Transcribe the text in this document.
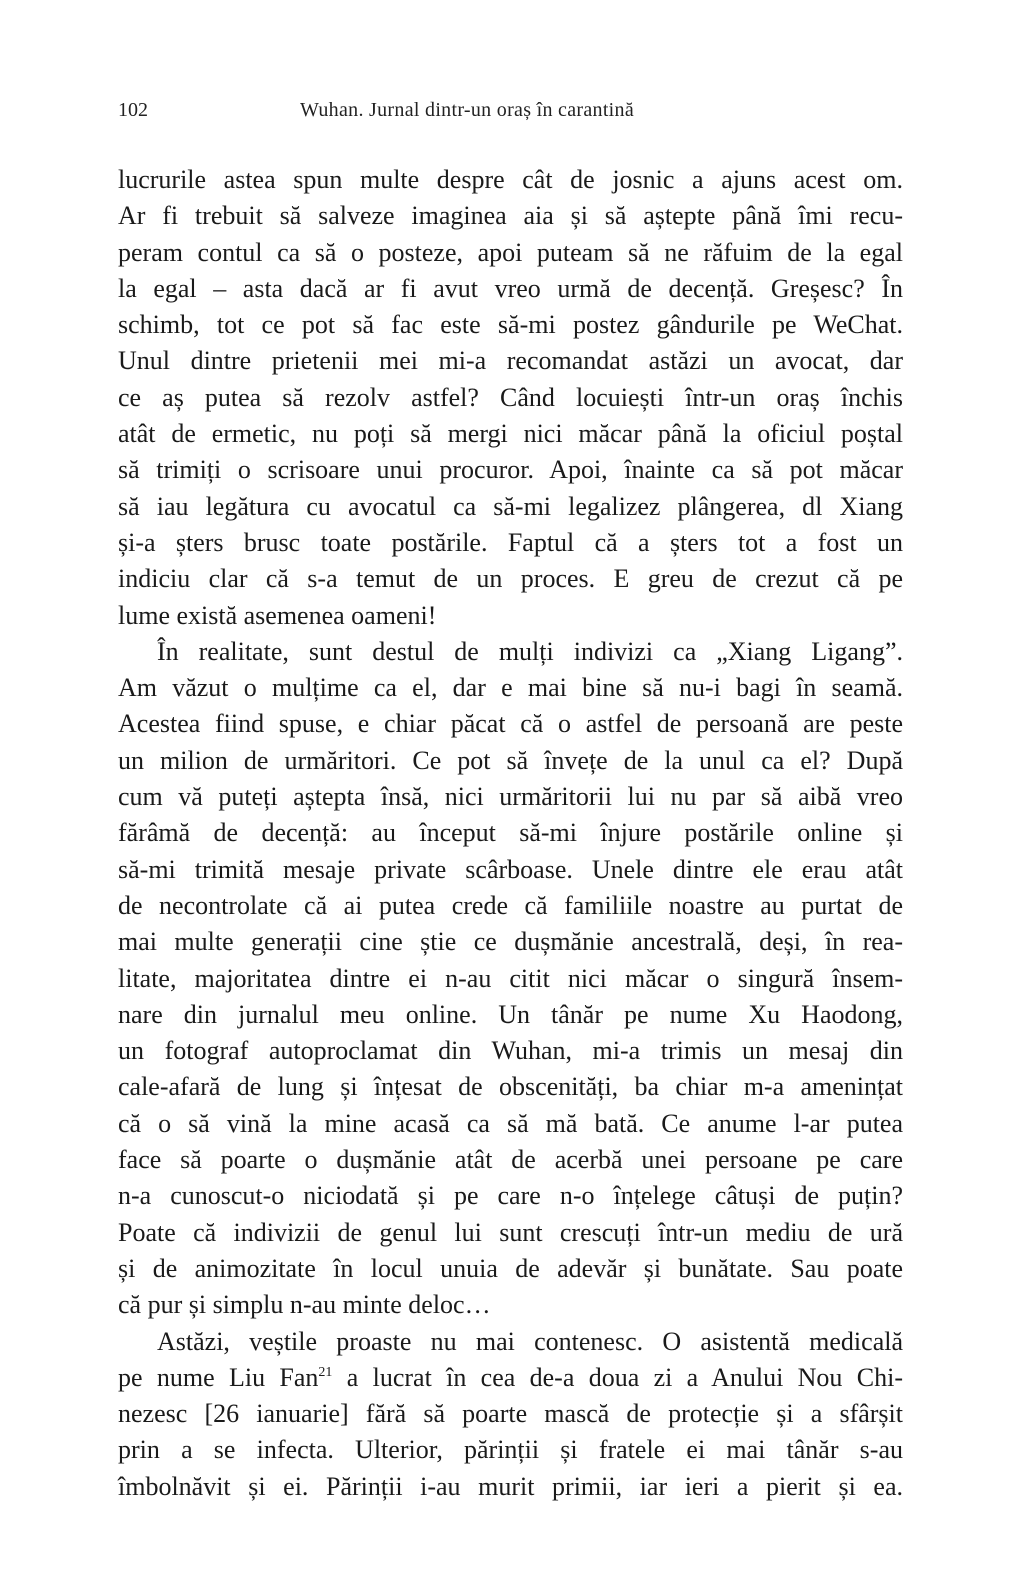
102	Wuhan. Jurnal dintr-un oraș în carantină
lucrurile astea spun multe despre cât de josnic a ajuns acest om.
Ar fi trebuit să salveze imaginea aia și să aștepte până îmi recu-
peram contul ca să o posteze, apoi puteam să ne răfuim de la egal
la egal – asta dacă ar fi avut vreo urmă de decență. Greșesc? În
schimb, tot ce pot să fac este să-mi postez gândurile pe WeChat.
Unul dintre prietenii mei mi-a recomandat astăzi un avocat, dar
ce aș putea să rezolv astfel? Când locuiești într-un oraș închis
atât de ermetic, nu poți să mergi nici măcar până la oficiul poștal
să trimiți o scrisoare unui procuror. Apoi, înainte ca să pot măcar
să iau legătura cu avocatul ca să-mi legalizez plângerea, dl Xiang
și-a șters brusc toate postările. Faptul că a șters tot a fost un
indiciu clar că s-a temut de un proces. E greu de crezut că pe
lume există asemenea oameni!
În realitate, sunt destul de mulți indivizi ca „Xiang Ligang”.
Am văzut o mulțime ca el, dar e mai bine să nu-i bagi în seamă.
Acestea fiind spuse, e chiar păcat că o astfel de persoană are peste
un milion de urmăritori. Ce pot să învețe de la unul ca el? După
cum vă puteți aștepta însă, nici urmăritorii lui nu par să aibă vreo
fărâmă de decență: au început să-mi înjure postările online și
să-mi trimită mesaje private scârboase. Unele dintre ele erau atât
de necontrolate că ai putea crede că familiile noastre au purtat de
mai multe generații cine știe ce dușmănie ancestrală, deși, în rea-
litate, majoritatea dintre ei n-au citit nici măcar o singură însem-
nare din jurnalul meu online. Un tânăr pe nume Xu Haodong,
un fotograf autoproclamat din Wuhan, mi-a trimis un mesaj din
cale-afară de lung și înțesat de obscenități, ba chiar m-a amenințat
că o să vină la mine acasă ca să mă bată. Ce anume l-ar putea
face să poarte o dușmănie atât de acerbă unei persoane pe care
n-a cunoscut-o niciodată și pe care n-o înțelege câtuși de puțin?
Poate că indivizii de genul lui sunt crescuți într-un mediu de ură
și de animozitate în locul unuia de adevăr și bunătate. Sau poate
că pur și simplu n-au minte deloc…
Astăzi, veștile proaste nu mai contenesc. O asistentă medicală
pe nume Liu Fan$^{21}$ a lucrat în cea de-a doua zi a Anului Nou Chi-
nezesc [26 ianuarie] fără să poarte mască de protecție și a sfârșit
prin a se infecta. Ulterior, părinții și fratele ei mai tânăr s-au
îmbolnăvit și ei. Părinții i-au murit primii, iar ieri a pierit și ea.
